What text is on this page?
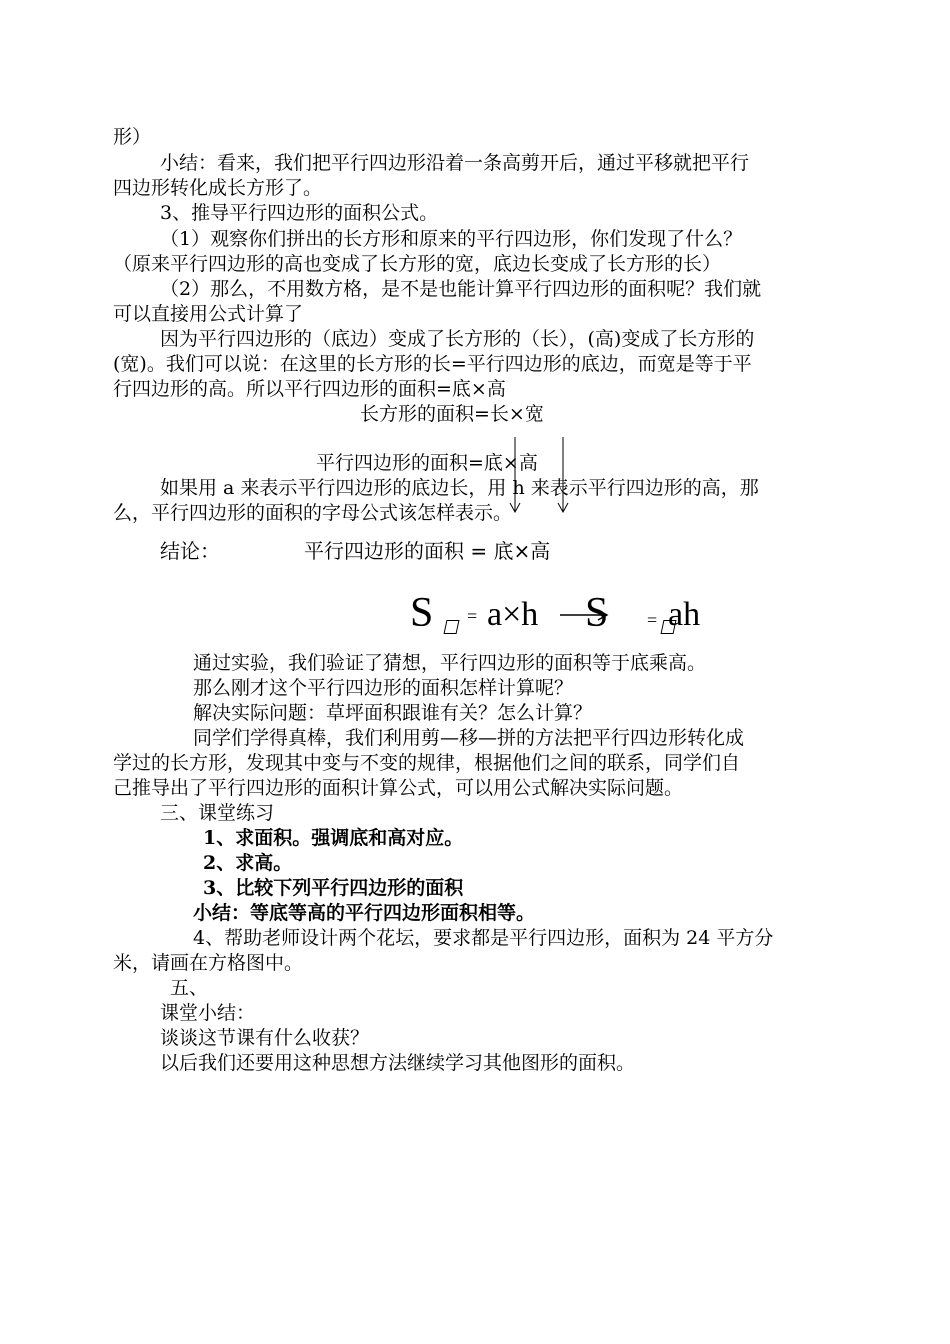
形）
小结：看来，我们把平行四边形沿着一条高剪开后，通过平移就把平行
四边形转化成长方形了。
3、推导平行四边形的面积公式。
（1）观察你们拼出的长方形和原来的平行四边形，你们发现了什么？
（原来平行四边形的高也变成了长方形的宽，底边长变成了长方形的长）
（2）那么，不用数方格，是不是也能计算平行四边形的面积呢？我们就
可以直接用公式计算了
因为平行四边形的（底边）变成了长方形的（长），(高)变成了长方形的
(宽)。我们可以说：在这里的长方形的长=平行四边形的底边，而宽是等于平
行四边形的高。所以平行四边形的面积=底×高
长方形的面积=长×宽
平行四边形的面积=底×高
如果用 a 来表示平行四边形的底边长，用 h 来表示平行四边形的高，那
么，平行四边形的面积的字母公式该怎样表示。
结论：	平行四边形的面积 = 底×高
S = a×h S = ah
通过实验，我们验证了猜想，平行四边形的面积等于底乘高。
那么刚才这个平行四边形的面积怎样计算呢？
解决实际问题：草坪面积跟谁有关？怎么计算？
同学们学得真棒，我们利用剪—移—拼的方法把平行四边形转化成
学过的长方形，发现其中变与不变的规律，根据他们之间的联系，同学们自
己推导出了平行四边形的面积计算公式，可以用公式解决实际问题。
三、课堂练习
1、求面积。强调底和高对应。
2、求高。
3、比较下列平行四边形的面积
小结：等底等高的平行四边形面积相等。
4、帮助老师设计两个花坛，要求都是平行四边形，面积为 24 平方分
米，请画在方格图中。
五、
课堂小结：
谈谈这节课有什么收获？
以后我们还要用这种思想方法继续学习其他图形的面积。
